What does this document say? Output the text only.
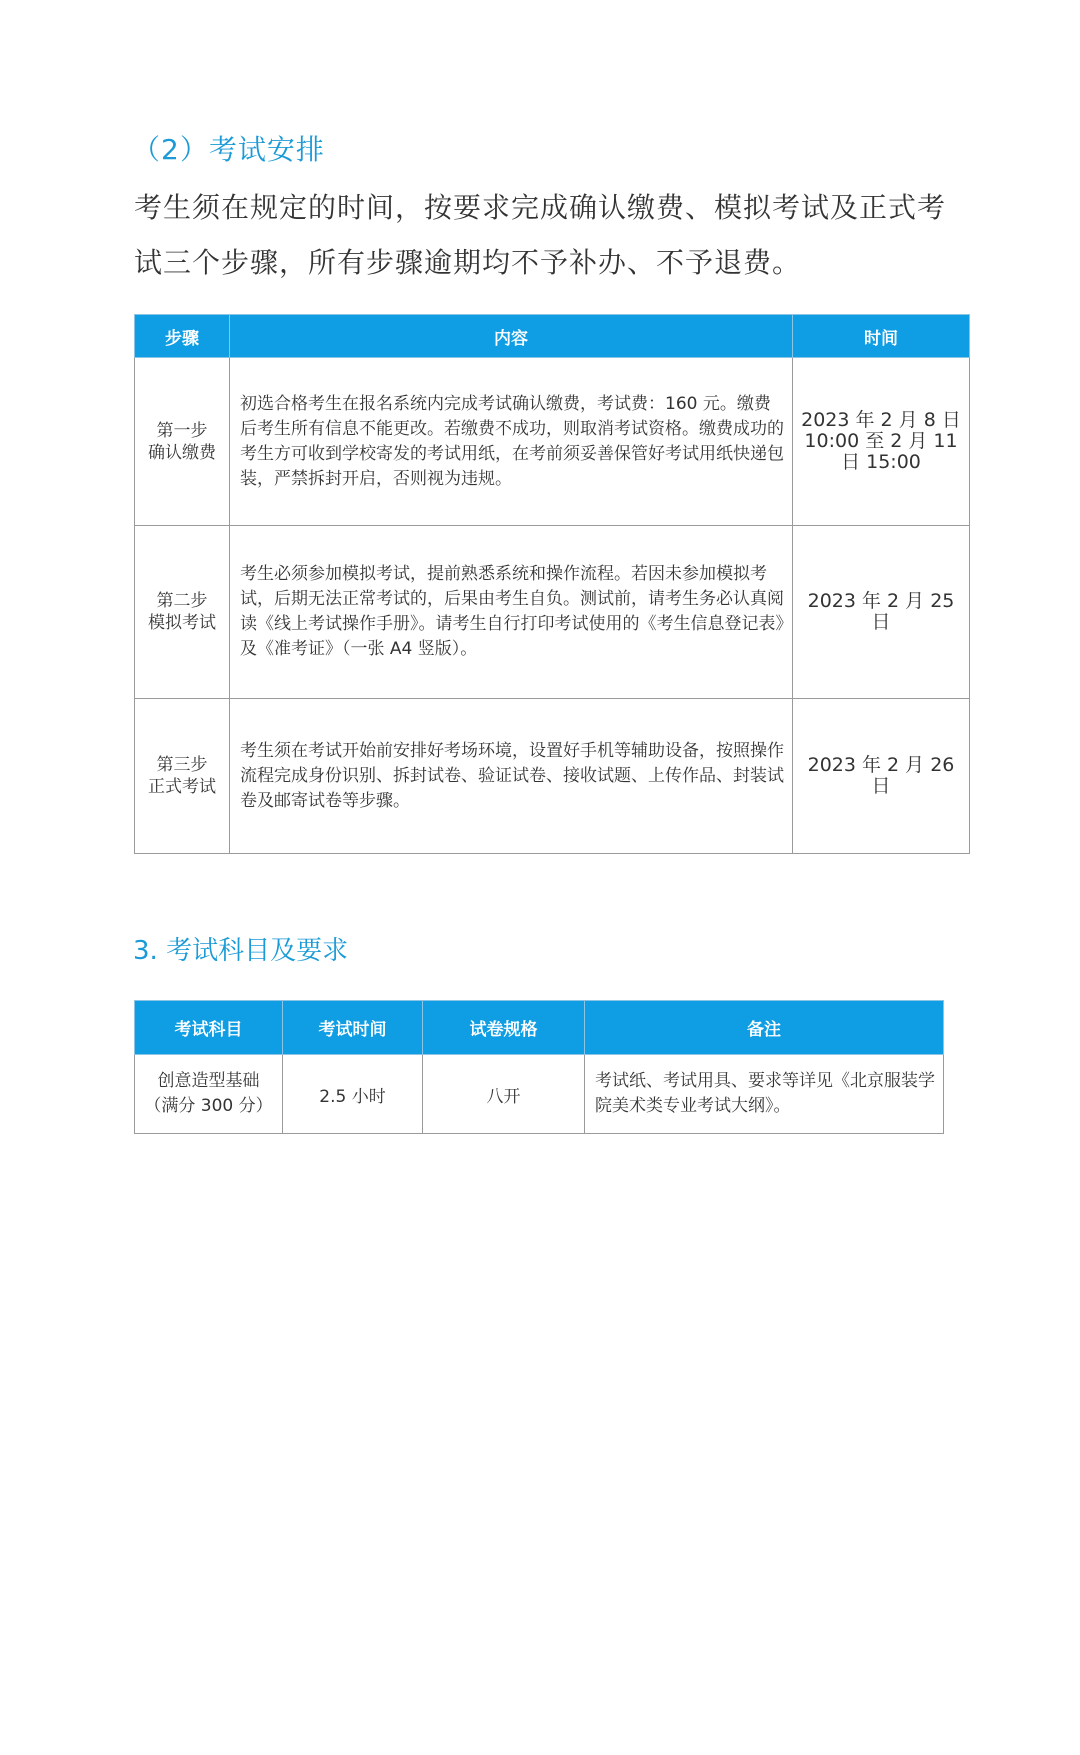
（2）考试安排

考生须在规定的时间，按要求完成确认缴费、模拟考试及正式考试三个步骤，所有步骤逾期均不予补办、不予退费。

步骤	内容	时间

第一步
确认缴费	初选合格考生在报名系统内完成考试确认缴费，考试费：160 元。缴费后考生所有信息不能更改。若缴费不成功，则取消考试资格。缴费成功的考生方可收到学校寄发的考试用纸，在考前须妥善保管好考试用纸快递包装，严禁拆封开启，否则视为违规。	2023 年 2 月 8 日 10:00 至 2 月 11 日 15:00

第二步
模拟考试	考生必须参加模拟考试，提前熟悉系统和操作流程。若因未参加模拟考试，后期无法正常考试的，后果由考生自负。测试前，请考生务必认真阅读《线上考试操作手册》。请考生自行打印考试使用的《考生信息登记表》及《准考证》（一张 A4 竖版）。	2023 年 2 月 25 日

第三步
正式考试	考生须在考试开始前安排好考场环境，设置好手机等辅助设备，按照操作流程完成身份识别、拆封试卷、验证试卷、接收试题、上传作品、封装试卷及邮寄试卷等步骤。	2023 年 2 月 26 日
3. 考试科目及要求
考试科目	考试时间	试卷规格	备注

创意造型基础
（满分 300 分）	2.5 小时	八开	考试纸、考试用具、要求等详见《北京服装学院美术类专业考试大纲》。
